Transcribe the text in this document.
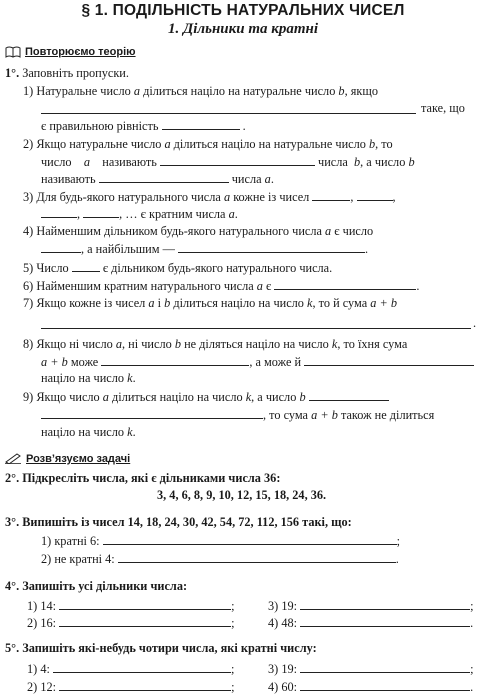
§ 1. ПОДІЛЬНІСТЬ НАТУРАЛЬНИХ ЧИСЕЛ
1. Дільники та кратні
Повторюємо теорію
1°. Заповніть пропуски.
1) Натуральне число a ділиться націло на натуральне число b, якщо
таке, що
є правильною рівність	.
2) Якщо натуральне число a ділиться націло на натуральне число b, то
число a називають	числа b, а число b
називають	числа a.
3) Для будь-якого натурального числа a кожне із чисел	,	,
,	, … є кратним числа a.
4) Найменшим дільником будь-якого натурального числа a є число
, а найбільшим —	.
5) Число	є дільником будь-якого натурального числа.
6) Найменшим кратним натурального числа a є	.
7) Якщо кожне із чисел a і b ділиться націло на число k, то й сума a + b
.
8) Якщо ні число a, ні число b не діляться націло на число k, то їхня сума
a + b може	, а може й
націло на число k.
9) Якщо число a ділиться націло на число k, а число b
, то сума a + b також не ділиться
націло на число k.
Розв’язуємо задачі
2°. Підкресліть числа, які є дільниками числа 36:
3, 4, 6, 8, 9, 10, 12, 15, 18, 24, 36.
3°. Випишіть із чисел 14, 18, 24, 30, 42, 54, 72, 112, 156 такі, що:
1) кратні 6:	;
2) не кратні 4:	.
4°. Запишіть усі дільники числа:
1) 14:	;	3) 19:	;
2) 16:	;	4) 48:	.
5°. Запишіть які-небудь чотири числа, які кратні числу:
1) 4:	;	3) 19:	;
2) 12:	;	4) 60:	.
